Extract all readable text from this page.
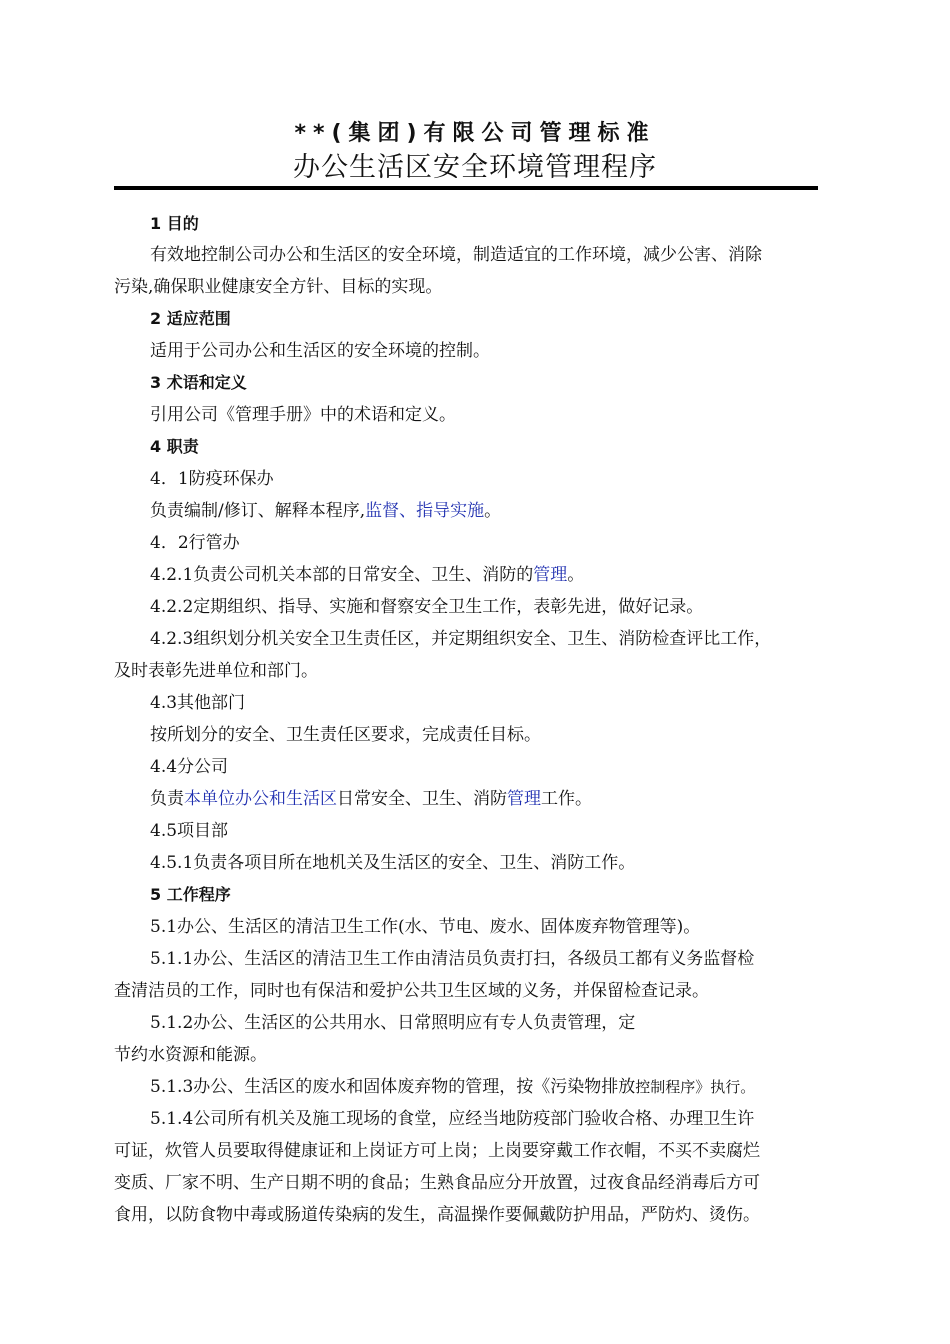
**(集团)有限公司管理标准
办公生活区安全环境管理程序
1 目的
有效地控制公司办公和生活区的安全环境，制造适宜的工作环境，减少公害、消除
污染,确保职业健康安全方针、目标的实现。
2 适应范围
适用于公司办公和生活区的安全环境的控制。
3 术语和定义
引用公司《管理手册》中的术语和定义。
4 职责
4．1防疫环保办
负责编制/修订、解释本程序,监督、指导实施。
4．2行管办
4.2.1负责公司机关本部的日常安全、卫生、消防的管理。
4.2.2定期组织、指导、实施和督察安全卫生工作，表彰先进，做好记录。
4.2.3组织划分机关安全卫生责任区，并定期组织安全、卫生、消防检查评比工作，
及时表彰先进单位和部门。
4.3其他部门
按所划分的安全、卫生责任区要求，完成责任目标。
4.4分公司
负责本单位办公和生活区日常安全、卫生、消防管理工作。
4.5项目部
4.5.1负责各项目所在地机关及生活区的安全、卫生、消防工作。
5 工作程序
5.1办公、生活区的清洁卫生工作(水、节电、废水、固体废弃物管理等)。
5.1.1办公、生活区的清洁卫生工作由清洁员负责打扫，各级员工都有义务监督检
查清洁员的工作，同时也有保洁和爱护公共卫生区域的义务，并保留检查记录。
5.1.2办公、生活区的公共用水、日常照明应有专人负责管理，定
节约水资源和能源。
5.1.3办公、生活区的废水和固体废弃物的管理，按《污染物排放控制程序》执行。
5.1.4公司所有机关及施工现场的食堂，应经当地防疫部门验收合格、办理卫生许
可证，炊管人员要取得健康证和上岗证方可上岗；上岗要穿戴工作衣帽，不买不卖腐烂
变质、厂家不明、生产日期不明的食品；生熟食品应分开放置，过夜食品经消毒后方可
食用，以防食物中毒或肠道传染病的发生，高温操作要佩戴防护用品，严防灼、烫伤。
